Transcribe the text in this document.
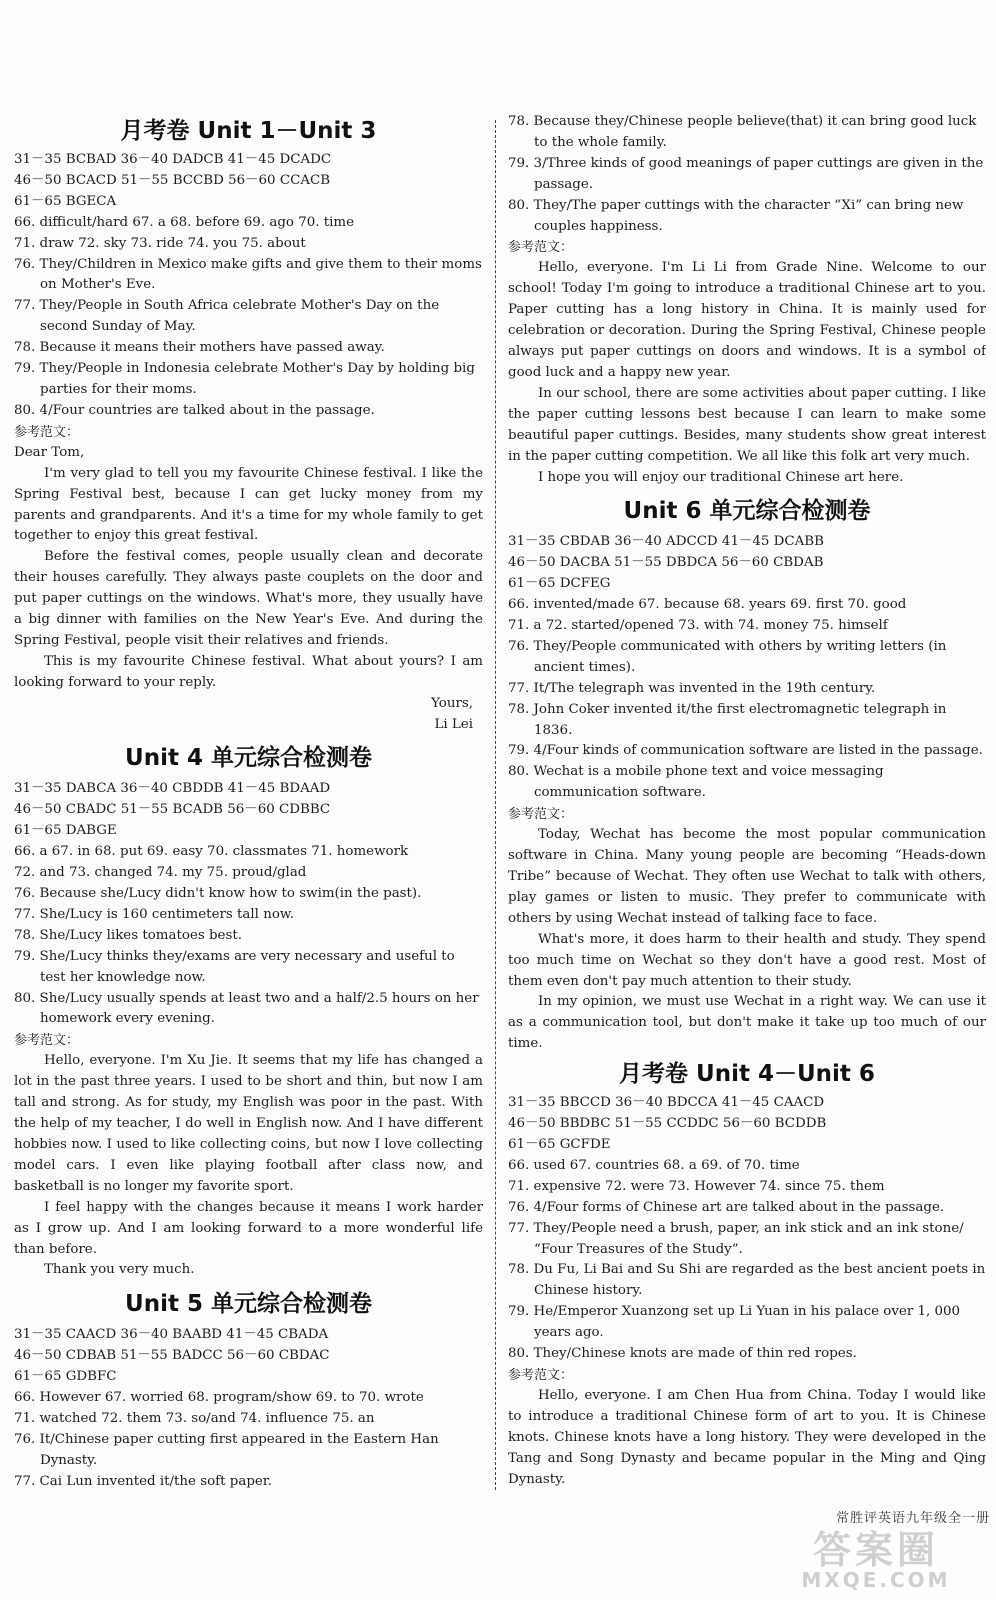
月考卷 Unit 1－Unit 3
31－35 BCBAD 36－40 DADCB 41－45 DCADC
46－50 BCACD 51－55 BCCBD 56－60 CCACB
61－65 BGECA
66. difficult/hard 67. a 68. before 69. ago 70. time
71. draw 72. sky 73. ride 74. you 75. about
76. They/Children in Mexico make gifts and give them to their moms on Mother's Eve.
77. They/People in South Africa celebrate Mother's Day on the second Sunday of May.
78. Because it means their mothers have passed away.
79. They/People in Indonesia celebrate Mother's Day by holding big parties for their moms.
80. 4/Four countries are talked about in the passage.
参考范文：
Dear Tom,
I'm very glad to tell you my favourite Chinese festival. I like the Spring Festival best, because I can get lucky money from my parents and grandparents. And it's a time for my whole family to get together to enjoy this great festival.
Before the festival comes, people usually clean and decorate their houses carefully. They always paste couplets on the door and put paper cuttings on the windows. What's more, they usually have a big dinner with families on the New Year's Eve. And during the Spring Festival, people visit their relatives and friends.
This is my favourite Chinese festival. What about yours? I am looking forward to your reply.
Yours,
Li Lei
Unit 4 单元综合检测卷
31－35 DABCA 36－40 CBDDB 41－45 BDAAD
46－50 CBADC 51－55 BCADB 56－60 CDBBC
61－65 DABGE
66. a 67. in 68. put 69. easy 70. classmates 71. homework
72. and 73. changed 74. my 75. proud/glad
76. Because she/Lucy didn't know how to swim(in the past).
77. She/Lucy is 160 centimeters tall now.
78. She/Lucy likes tomatoes best.
79. She/Lucy thinks they/exams are very necessary and useful to test her knowledge now.
80. She/Lucy usually spends at least two and a half/2.5 hours on her homework every evening.
参考范文：
Hello, everyone. I'm Xu Jie. It seems that my life has changed a lot in the past three years. I used to be short and thin, but now I am tall and strong. As for study, my English was poor in the past. With the help of my teacher, I do well in English now. And I have different hobbies now. I used to like collecting coins, but now I love collecting model cars. I even like playing football after class now, and basketball is no longer my favorite sport.
I feel happy with the changes because it means I work harder as I grow up. And I am looking forward to a more wonderful life than before.
Thank you very much.
Unit 5 单元综合检测卷
31－35 CAACD 36－40 BAABD 41－45 CBADA
46－50 CDBAB 51－55 BADCC 56－60 CBDAC
61－65 GDBFC
66. However 67. worried 68. program/show 69. to 70. wrote
71. watched 72. them 73. so/and 74. influence 75. an
76. It/Chinese paper cutting first appeared in the Eastern Han Dynasty.
77. Cai Lun invented it/the soft paper.
78. Because they/Chinese people believe(that) it can bring good luck to the whole family.
79. 3/Three kinds of good meanings of paper cuttings are given in the passage.
80. They/The paper cuttings with the character “Xi” can bring new couples happiness.
参考范文：
Hello, everyone. I'm Li Li from Grade Nine. Welcome to our school! Today I'm going to introduce a traditional Chinese art to you. Paper cutting has a long history in China. It is mainly used for celebration or decoration. During the Spring Festival, Chinese people always put paper cuttings on doors and windows. It is a symbol of good luck and a happy new year.
In our school, there are some activities about paper cutting. I like the paper cutting lessons best because I can learn to make some beautiful paper cuttings. Besides, many students show great interest in the paper cutting competition. We all like this folk art very much.
I hope you will enjoy our traditional Chinese art here.
Unit 6 单元综合检测卷
31－35 CBDAB 36－40 ADCCD 41－45 DCABB
46－50 DACBA 51－55 DBDCA 56－60 CBDAB
61－65 DCFEG
66. invented/made 67. because 68. years 69. first 70. good
71. a 72. started/opened 73. with 74. money 75. himself
76. They/People communicated with others by writing letters (in ancient times).
77. It/The telegraph was invented in the 19th century.
78. John Coker invented it/the first electromagnetic telegraph in 1836.
79. 4/Four kinds of communication software are listed in the passage.
80. Wechat is a mobile phone text and voice messaging communication software.
参考范文：
Today, Wechat has become the most popular communication software in China. Many young people are becoming “Heads-down Tribe” because of Wechat. They often use Wechat to talk with others, play games or listen to music. They prefer to communicate with others by using Wechat instead of talking face to face.
What's more, it does harm to their health and study. They spend too much time on Wechat so they don't have a good rest. Most of them even don't pay much attention to their study.
In my opinion, we must use Wechat in a right way. We can use it as a communication tool, but don't make it take up too much of our time.
月考卷 Unit 4－Unit 6
31－35 BBCCD 36－40 BDCCA 41－45 CAACD
46－50 BBDBC 51－55 CCDDC 56－60 BCDDB
61－65 GCFDE
66. used 67. countries 68. a 69. of 70. time
71. expensive 72. were 73. However 74. since 75. them
76. 4/Four forms of Chinese art are talked about in the passage.
77. They/People need a brush, paper, an ink stick and an ink stone/ “Four Treasures of the Study”.
78. Du Fu, Li Bai and Su Shi are regarded as the best ancient poets in Chinese history.
79. He/Emperor Xuanzong set up Li Yuan in his palace over 1, 000 years ago.
80. They/Chinese knots are made of thin red ropes.
参考范文：
Hello, everyone. I am Chen Hua from China. Today I would like to introduce a traditional Chinese form of art to you. It is Chinese knots. Chinese knots have a long history. They were developed in the Tang and Song Dynasty and became popular in the Ming and Qing Dynasty.
常胜评英语九年级全一册
答案圈
MXQE.COM
